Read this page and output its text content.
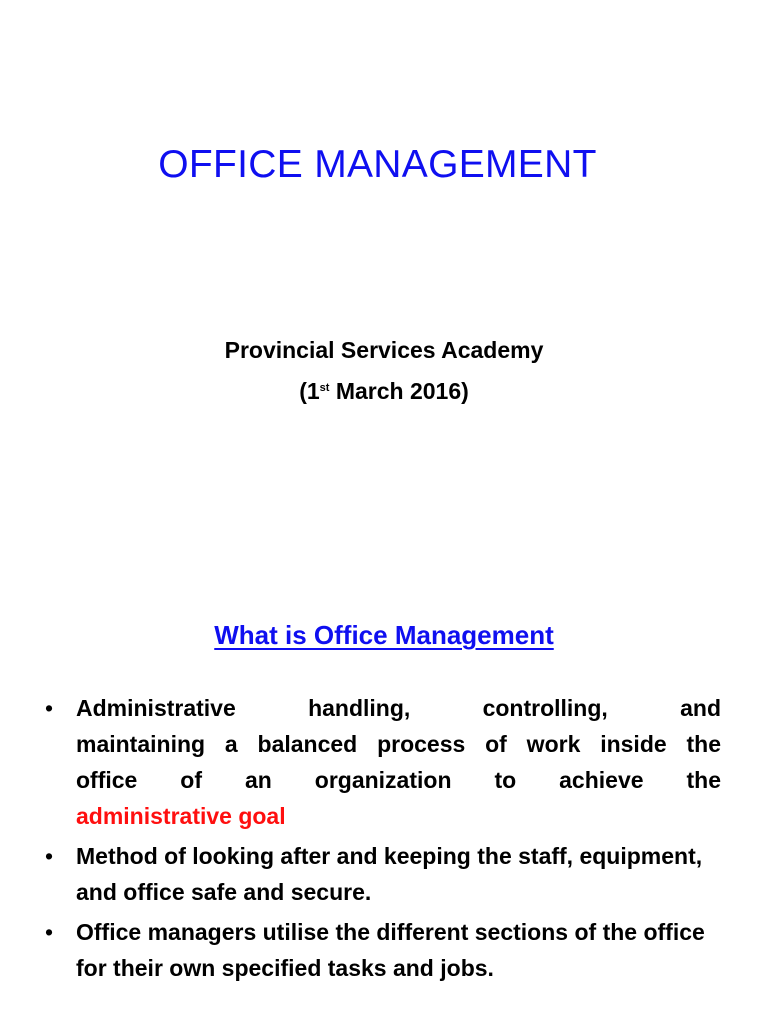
OFFICE MANAGEMENT
Provincial Services Academy
(1st March 2016)
What is Office Management
• Administrative handling, controlling, and
maintaining a balanced process of work inside the
office of an organization to achieve the
administrative goal
• Method of looking after and keeping the staff, equipment, and office safe and secure.
• Office managers utilise the different sections of the office for their own specified tasks and jobs.
